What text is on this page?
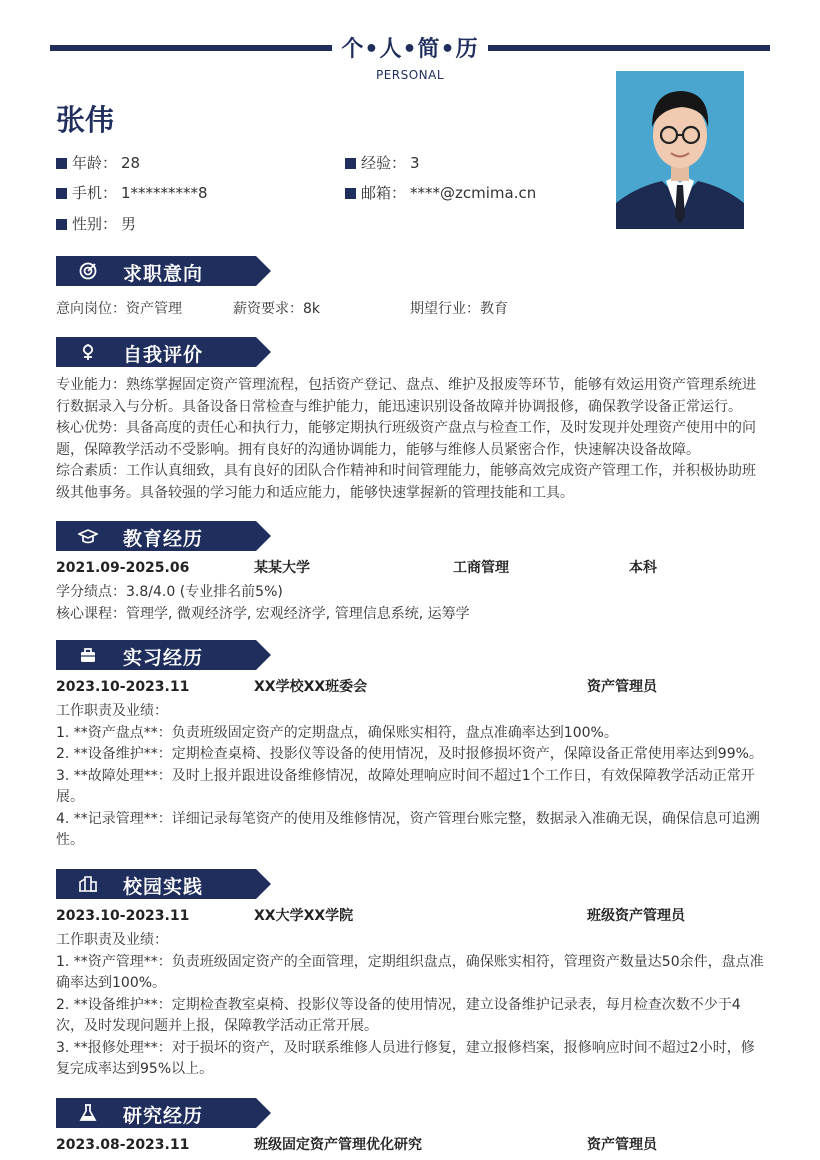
个•人•简•历
PERSONAL
张伟
年龄： 28	经验： 3
手机： 1*********8	邮箱： ****@zcmima.cn
性别： 男
求职意向
意向岗位：资产管理	薪资要求：8k	期望行业：教育
自我评价

专业能力：熟练掌握固定资产管理流程，包括资产登记、盘点、维护及报废等环节，能够有效运用资产管理系统进行数据录入与分析。具备设备日常检查与维护能力，能迅速识别设备故障并协调报修，确保教学设备正常运行。

核心优势：具备高度的责任心和执行力，能够定期执行班级资产盘点与检查工作，及时发现并处理资产使用中的问题，保障教学活动不受影响。拥有良好的沟通协调能力，能够与维修人员紧密合作，快速解决设备故障。

综合素质：工作认真细致，具有良好的团队合作精神和时间管理能力，能够高效完成资产管理工作，并积极协助班级其他事务。具备较强的学习能力和适应能力，能够快速掌握新的管理技能和工具。

教育经历
2021.09-2025.06	某某大学	工商管理	本科
学分绩点：3.8/4.0 (专业排名前5%)
核心课程：管理学, 微观经济学, 宏观经济学, 管理信息系统, 运筹学
实习经历
2023.10-2023.11	XX学校XX班委会	资产管理员

工作职责及业绩：

1. **资产盘点**：负责班级固定资产的定期盘点，确保账实相符，盘点准确率达到100%。

2. **设备维护**：定期检查桌椅、投影仪等设备的使用情况，及时报修损坏资产，保障设备正常使用率达到99%。

3. **故障处理**：及时上报并跟进设备维修情况，故障处理响应时间不超过1个工作日，有效保障教学活动正常开展。

4. **记录管理**：详细记录每笔资产的使用及维修情况，资产管理台账完整，数据录入准确无误，确保信息可追溯性。

校园实践
2023.10-2023.11	XX大学XX学院	班级资产管理员

工作职责及业绩：

1. **资产管理**：负责班级固定资产的全面管理，定期组织盘点，确保账实相符，管理资产数量达50余件，盘点准确率达到100%。

2. **设备维护**：定期检查教室桌椅、投影仪等设备的使用情况，建立设备维护记录表，每月检查次数不少于4次，及时发现问题并上报，保障教学活动正常开展。

3. **报修处理**：对于损坏的资产，及时联系维修人员进行修复，建立报修档案，报修响应时间不超过2小时，修复完成率达到95%以上。

研究经历
2023.08-2023.11	班级固定资产管理优化研究	资产管理员
